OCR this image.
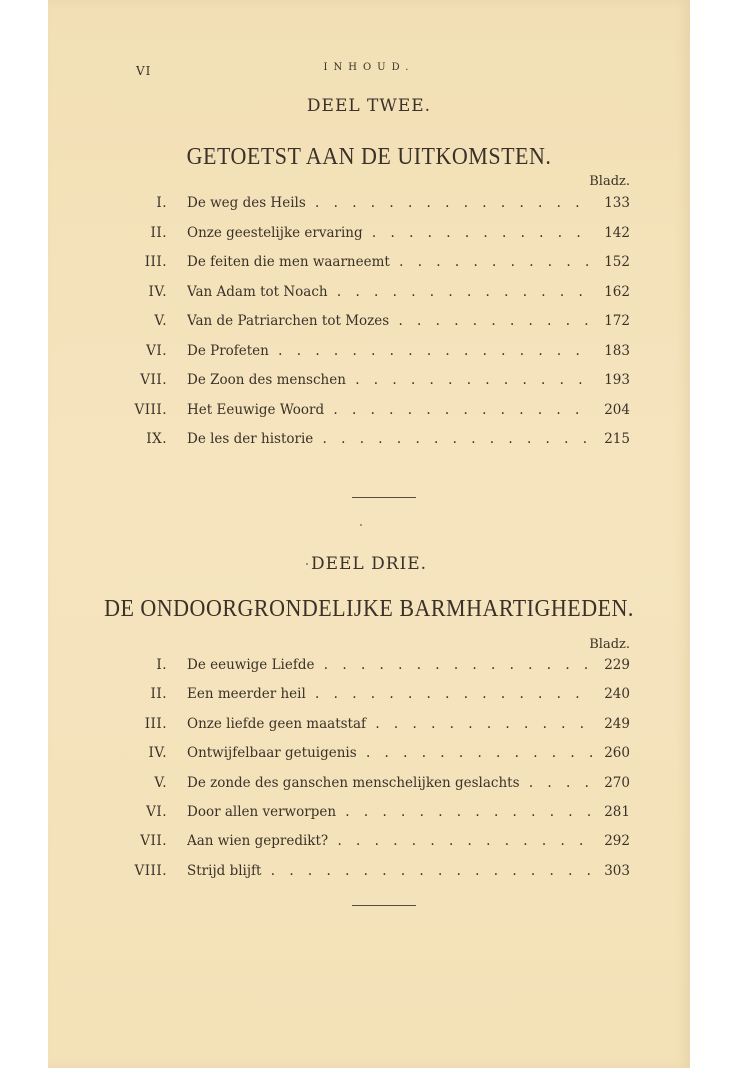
VI	INHOUD.
DEEL TWEE.
GETOETST AAN DE UITKOMSTEN.
Bladz.
I. De weg des Heils . . .	133
II. Onze geestelijke ervaring . . .	142
III. De feiten die men waarneemt . . .	152
IV. Van Adam tot Noach . . .	162
V. Van de Patriarchen tot Mozes . . .	172
VI. De Profeten . . .	183
VII. De Zoon des menschen . . .	193
VIII. Het Eeuwige Woord . . .	204
IX. De les der historie . . .	215
DEEL DRIE.
DE ONDOORGRONDELIJKE BARMHARTIGHEDEN.
Bladz.
I. De eeuwige Liefde . . .	229
II. Een meerder heil . . .	240
III. Onze liefde geen maatstaf . . .	249
IV. Ontwijfelbaar getuigenis . . .	260
V. De zonde des ganschen menschelijken geslachts . . .	270
VI. Door allen verworpen . . .	281
VII. Aan wien gepredikt? . . .	292
VIII. Strijd blijft . . .	303
